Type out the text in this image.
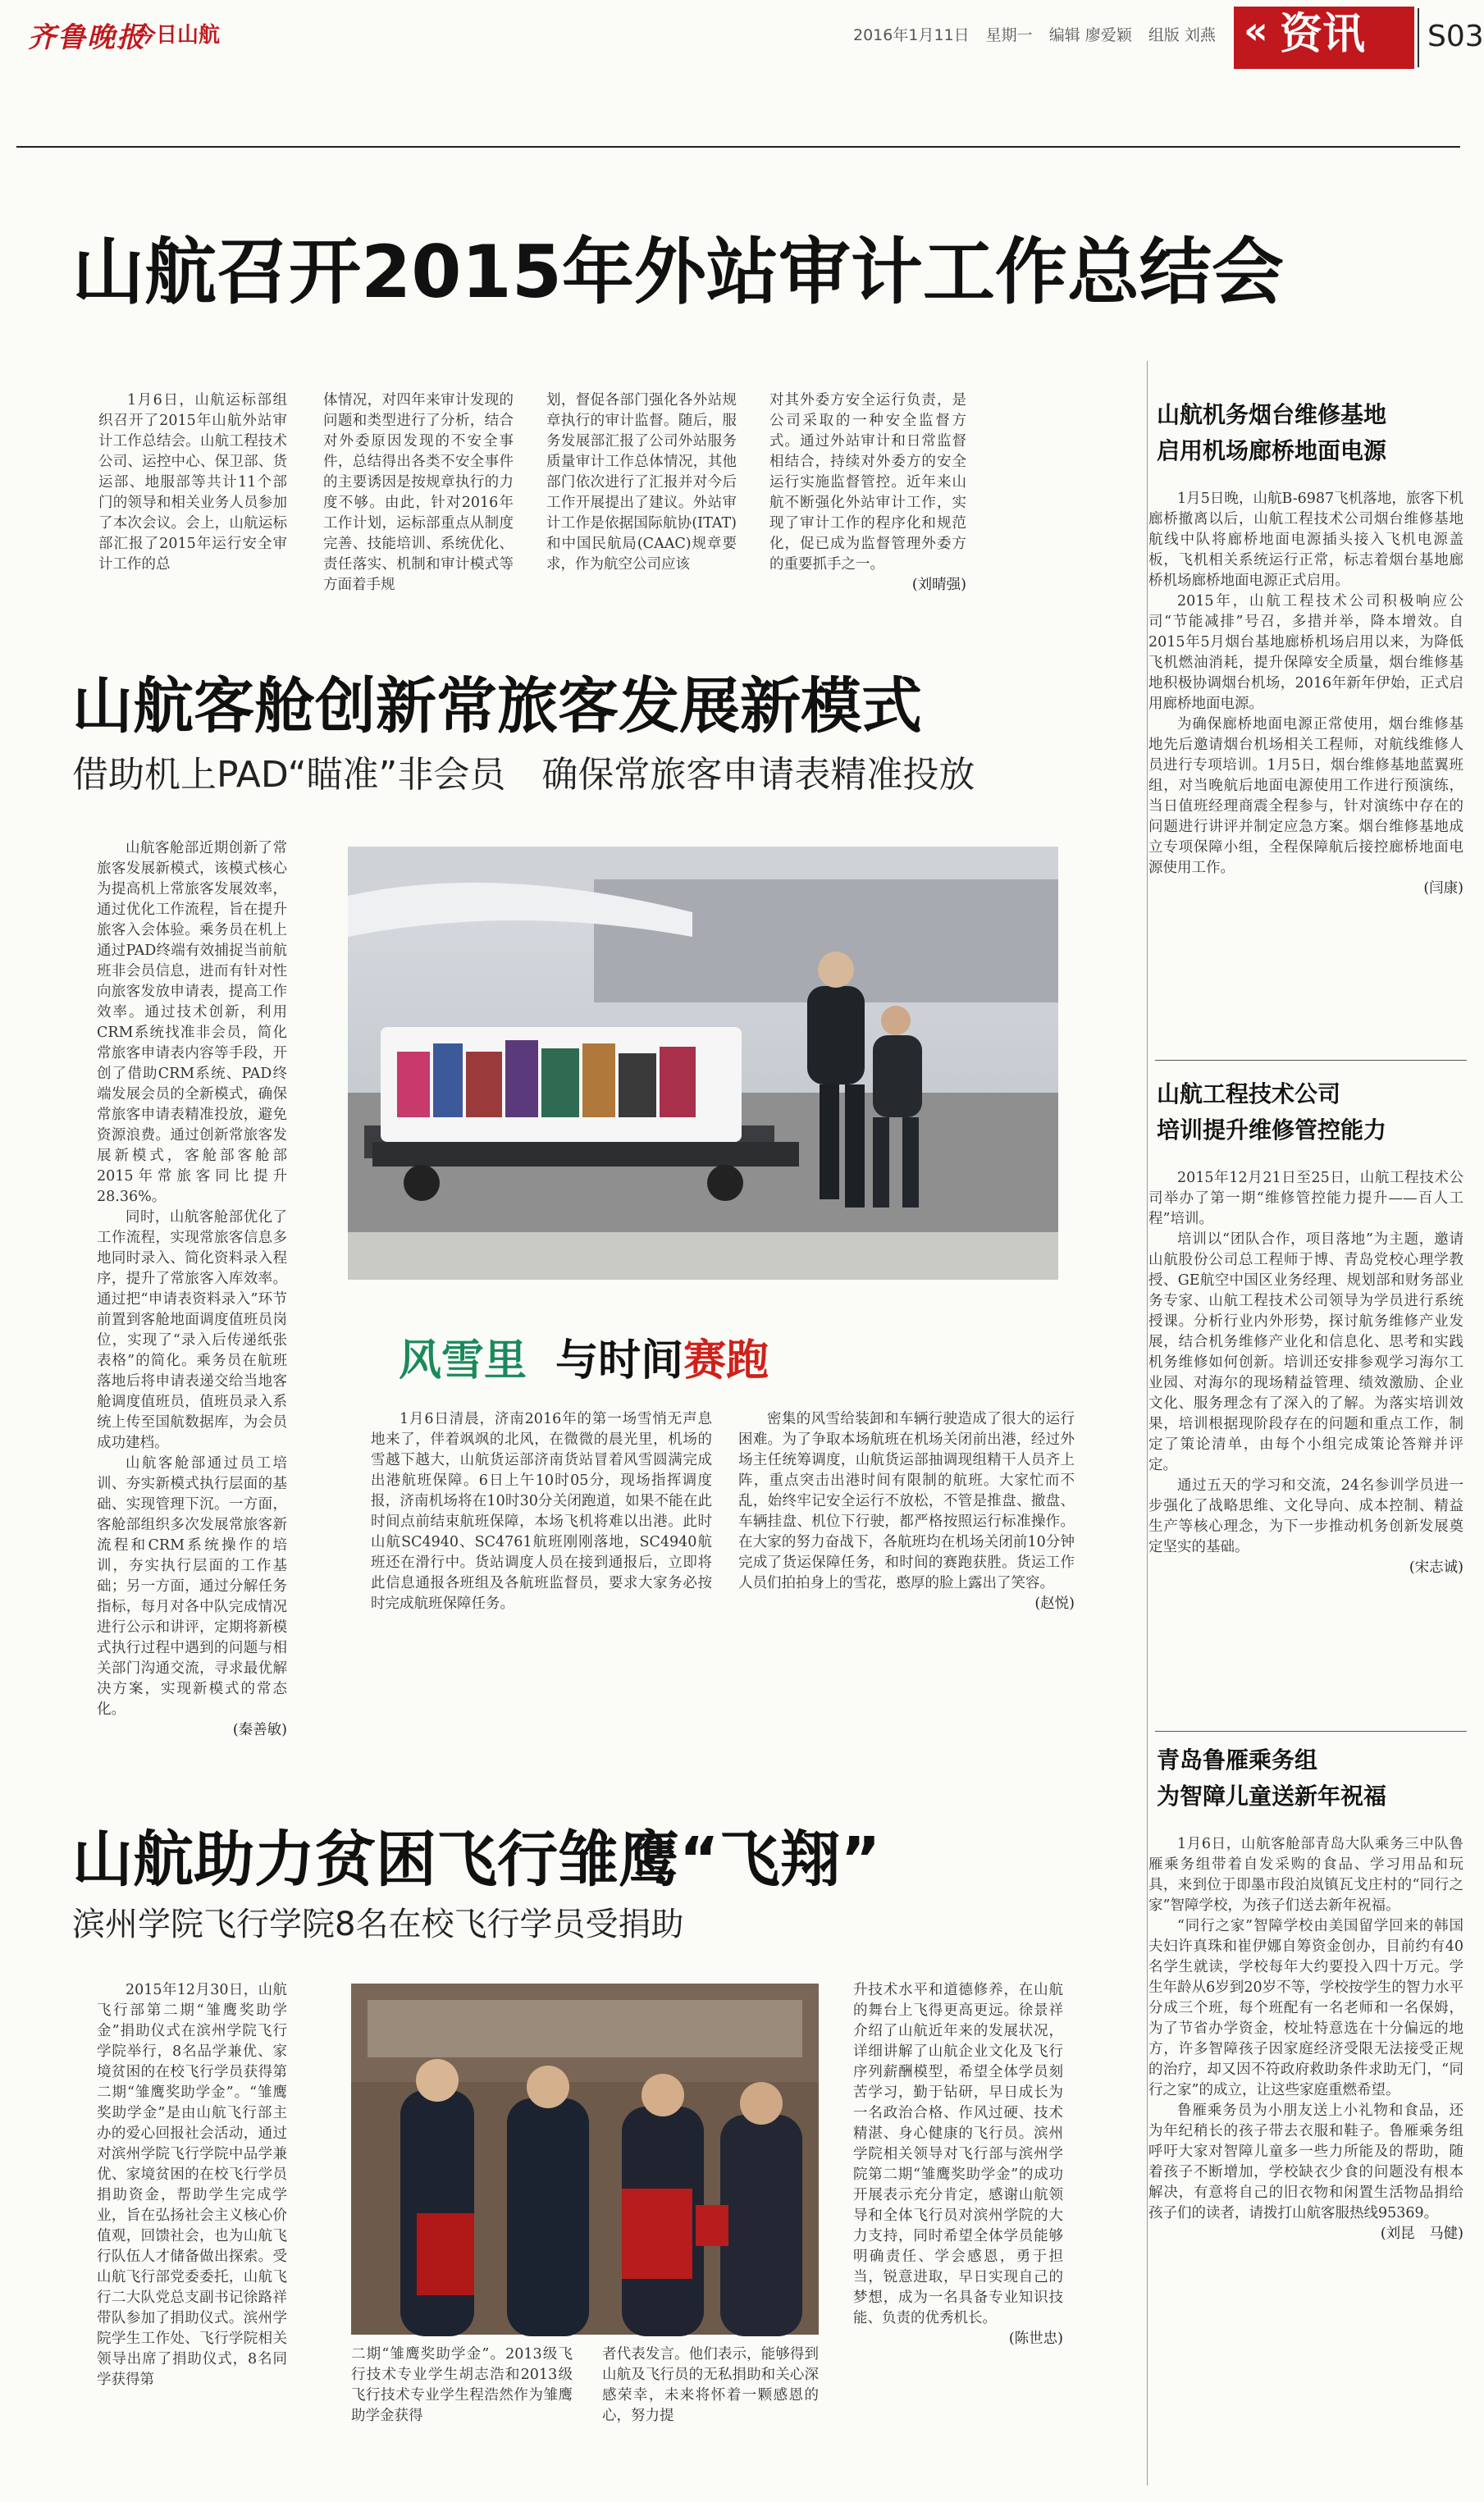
齐鲁晚报
今日山航	2016年1月11日 星期一 编辑 廖爱颖 组版 刘燕 « 资讯 S03
山航召开2015年外站审计工作总结会

1月6日，山航运标部组织召开了2015年山航外站审计工作总结会。山航工程技术公司、运控中心、保卫部、货运部、地服部等共计11个部门的领导和相关业务人员参加了本次会议。会上，山航运标部汇报了2015年运行安全审计工作的总

体情况，对四年来审计发现的问题和类型进行了分析，结合对外委原因发现的不安全事件，总结得出各类不安全事件的主要诱因是按规章执行的力度不够。由此，针对2016年工作计划，运标部重点从制度完善、技能培训、系统优化、责任落实、机制和审计模式等方面着手规

划，督促各部门强化各外站规章执行的审计监督。随后，服务发展部汇报了公司外站服务质量审计工作总体情况，其他部门依次进行了汇报并对今后工作开展提出了建议。外站审计工作是依据国际航协(ITAT)和中国民航局(CAAC)规章要求，作为航空公司应该

对其外委方安全运行负责，是公司采取的一种安全监督方式。通过外站审计和日常监督相结合，持续对外委方的安全运行实施监督管控。近年来山航不断强化外站审计工作，实现了审计工作的程序化和规范化，促已成为监督管理外委方的重要抓手之一。

(刘晴强)
山航客舱创新常旅客发展新模式
借助机上PAD“瞄准”非会员　确保常旅客申请表精准投放

山航客舱部近期创新了常旅客发展新模式，该模式核心为提高机上常旅客发展效率，通过优化工作流程，旨在提升旅客入会体验。乘务员在机上通过PAD终端有效捕捉当前航班非会员信息，进而有针对性向旅客发放申请表，提高工作效率。通过技术创新，利用CRM系统找准非会员，简化常旅客申请表内容等手段，开创了借助CRM系统、PAD终端发展会员的全新模式，确保常旅客申请表精准投放，避免资源浪费。通过创新常旅客发展新模式，客舱部客舱部2015年常旅客同比提升28.36%。

同时，山航客舱部优化了工作流程，实现常旅客信息多地同时录入、简化资料录入程序，提升了常旅客入库效率。通过把“申请表资料录入”环节前置到客舱地面调度值班员岗位，实现了“录入后传递纸张表格”的简化。乘务员在航班落地后将申请表递交给当地客舱调度值班员，值班员录入系统上传至国航数据库，为会员成功建档。

山航客舱部通过员工培训、夯实新模式执行层面的基础、实现管理下沉。一方面，客舱部组织多次发展常旅客新流程和CRM系统操作的培训，夯实执行层面的工作基础；另一方面，通过分解任务指标，每月对各中队完成情况进行公示和讲评，定期将新模式执行过程中遇到的问题与相关部门沟通交流，寻求最优解决方案，实现新模式的常态化。

(秦善敏)
风雪里 与时间赛跑

1月6日清晨，济南2016年的第一场雪悄无声息地来了，伴着飒飒的北风，在微微的晨光里，机场的雪越下越大，山航货运部济南货站冒着风雪圆满完成出港航班保障。6日上午10时05分，现场指挥调度报，济南机场将在10时30分关闭跑道，如果不能在此时间点前结束航班保障，本场飞机将难以出港。此时山航SC4940、SC4761航班刚刚落地，SC4940航班还在滑行中。货站调度人员在接到通报后，立即将此信息通报各班组及各航班监督员，要求大家务必按时完成航班保障任务。

密集的风雪给装卸和车辆行驶造成了很大的运行困难。为了争取本场航班在机场关闭前出港，经过外场主任统筹调度，山航货运部抽调现组精干人员齐上阵，重点突击出港时间有限制的航班。大家忙而不乱，始终牢记安全运行不放松，不管是推盘、撤盘、车辆挂盘、机位下行驶，都严格按照运行标准操作。在大家的努力奋战下，各航班均在机场关闭前10分钟完成了货运保障任务，和时间的赛跑获胜。货运工作人员们拍拍身上的雪花，憨厚的脸上露出了笑容。

(赵悦)
山航助力贫困飞行雏鹰“飞翔”
滨州学院飞行学院8名在校飞行学员受捐助

2015年12月30日，山航飞行部第二期“雏鹰奖助学金”捐助仪式在滨州学院飞行学院举行，8名品学兼优、家境贫困的在校飞行学员获得第二期“雏鹰奖助学金”。“雏鹰奖助学金”是由山航飞行部主办的爱心回报社会活动，通过对滨州学院飞行学院中品学兼优、家境贫困的在校飞行学员捐助资金，帮助学生完成学业，旨在弘扬社会主义核心价值观，回馈社会，也为山航飞行队伍人才储备做出探索。受山航飞行部党委委托，山航飞行二大队党总支副书记徐路祥带队参加了捐助仪式。滨州学院学生工作处、飞行学院相关领导出席了捐助仪式，8名同学获得第

二期“雏鹰奖助学金”。2013级飞行技术专业学生胡志浩和2013级飞行技术专业学生程浩然作为雏鹰助学金获得

者代表发言。他们表示，能够得到山航及飞行员的无私捐助和关心深感荣幸，未来将怀着一颗感恩的心，努力提

升技术水平和道德修养，在山航的舞台上飞得更高更远。徐景祥介绍了山航近年来的发展状况，详细讲解了山航企业文化及飞行序列薪酬模型，希望全体学员刻苦学习，勤于钻研，早日成长为一名政治合格、作风过硬、技术精湛、身心健康的飞行员。滨州学院相关领导对飞行部与滨州学院第二期“雏鹰奖助学金”的成功开展表示充分肯定，感谢山航领导和全体飞行员对滨州学院的大力支持，同时希望全体学员能够明确责任、学会感恩，勇于担当，锐意进取，早日实现自己的梦想，成为一名具备专业知识技能、负责的优秀机长。

(陈世忠)
山航机务烟台维修基地
启用机场廊桥地面电源

1月5日晚，山航B-6987飞机落地，旅客下机廊桥撤离以后，山航工程技术公司烟台维修基地航线中队将廊桥地面电源插头接入飞机电源盖板，飞机相关系统运行正常，标志着烟台基地廊桥机场廊桥地面电源正式启用。

2015年，山航工程技术公司积极响应公司“节能减排”号召，多措并举，降本增效。自2015年5月烟台基地廊桥机场启用以来，为降低飞机燃油消耗，提升保障安全质量，烟台维修基地积极协调烟台机场，2016年新年伊始，正式启用廊桥地面电源。

为确保廊桥地面电源正常使用，烟台维修基地先后邀请烟台机场相关工程师，对航线维修人员进行专项培训。1月5日，烟台维修基地蓝翼班组，对当晚航后地面电源使用工作进行预演练，当日值班经理商震全程参与，针对演练中存在的问题进行讲评并制定应急方案。烟台维修基地成立专项保障小组，全程保障航后接控廊桥地面电源使用工作。

(闫康)
山航工程技术公司
培训提升维修管控能力

2015年12月21日至25日，山航工程技术公司举办了第一期“维修管控能力提升——百人工程”培训。

培训以“团队合作，项目落地”为主题，邀请山航股份公司总工程师于博、青岛党校心理学教授、GE航空中国区业务经理、规划部和财务部业务专家、山航工程技术公司领导为学员进行系统授课。分析行业内外形势，探讨航务维修产业发展，结合机务维修产业化和信息化、思考和实践机务维修如何创新。培训还安排参观学习海尔工业园、对海尔的现场精益管理、绩效激励、企业文化、服务理念有了深入的了解。为落实培训效果，培训根据现阶段存在的问题和重点工作，制定了策论清单，由每个小组完成策论答辩并评定。

通过五天的学习和交流，24名参训学员进一步强化了战略思维、文化导向、成本控制、精益生产等核心理念，为下一步推动机务创新发展奠定坚实的基础。

(宋志诚)
青岛鲁雁乘务组
为智障儿童送新年祝福

1月6日，山航客舱部青岛大队乘务三中队鲁雁乘务组带着自发采购的食品、学习用品和玩具，来到位于即墨市段泊岚镇瓦戈庄村的“同行之家”智障学校，为孩子们送去新年祝福。

“同行之家”智障学校由美国留学回来的韩国夫妇许真珠和崔伊娜自筹资金创办，目前约有40名学生就读，学校每年大约要投入四十万元。学生年龄从6岁到20岁不等，学校按学生的智力水平分成三个班，每个班配有一名老师和一名保姆，为了节省办学资金，校址特意选在十分偏远的地方，许多智障孩子因家庭经济受限无法接受正规的治疗，却又因不符政府救助条件求助无门，“同行之家”的成立，让这些家庭重燃希望。

鲁雁乘务员为小朋友送上小礼物和食品，还为年纪稍长的孩子带去衣服和鞋子。鲁雁乘务组呼吁大家对智障儿童多一些力所能及的帮助，随着孩子不断增加，学校缺衣少食的问题没有根本解决，有意将自己的旧衣物和闲置生活物品捐给孩子们的读者，请拨打山航客服热线95369。

(刘昆　马健)
